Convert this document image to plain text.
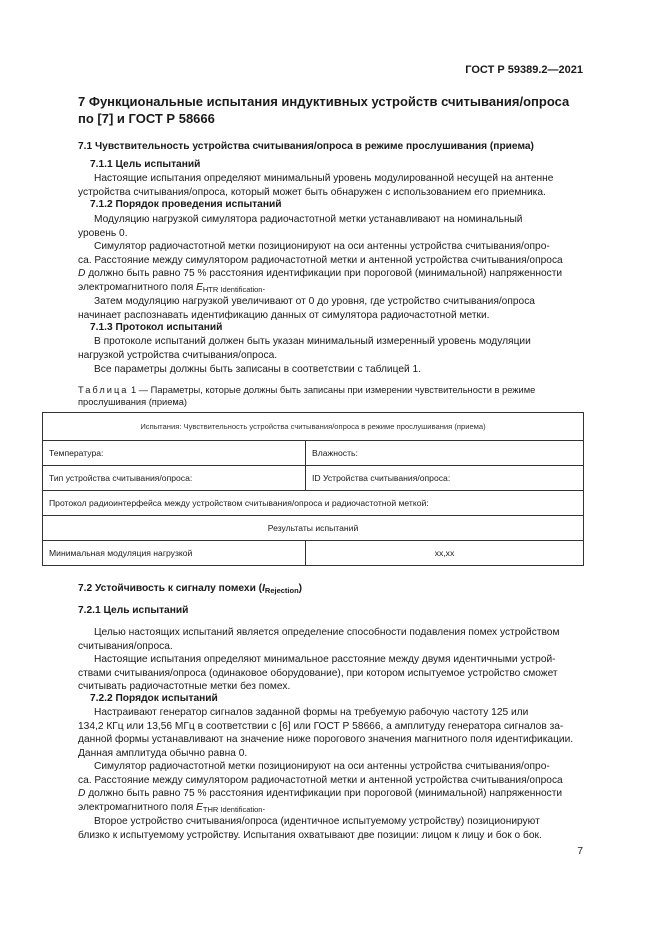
ГОСТ Р 59389.2—2021
7 Функциональные испытания индуктивных устройств считывания/опроса
по [7] и ГОСТ Р 58666
7.1 Чувствительность устройства считывания/опроса в режиме прослушивания (приема)
7.1.1 Цель испытаний
Настоящие испытания определяют минимальный уровень модулированной несущей на антенне
устройства считывания/опроса, который может быть обнаружен с использованием его приемника.
7.1.2 Порядок проведения испытаний
Модуляцию нагрузкой симулятора радиочастотной метки устанавливают на номинальный
уровень 0.
Симулятор радиочастотной метки позиционируют на оси антенны устройства считывания/опро-
са. Расстояние между симулятором радиочастотной метки и антенной устройства считывания/опроса
D должно быть равно 75 % расстояния идентификации при пороговой (минимальной) напряженности
электромагнитного поля EHTR Identification.
Затем модуляцию нагрузкой увеличивают от 0 до уровня, где устройство считывания/опроса
начинает распознавать идентификацию данных от симулятора радиочастотной метки.
7.1.3 Протокол испытаний
В протоколе испытаний должен быть указан минимальный измеренный уровень модуляции
нагрузкой устройства считывания/опроса.
Все параметры должны быть записаны в соответствии с таблицей 1.
Таблица 1 — Параметры, которые должны быть записаны при измерении чувствительности в режиме
прослушивания (приема)
Испытания: Чувствительность устройства считывания/опроса в режиме прослушивания (приема)	
Температура:	Влажность:
Тип устройства считывания/опроса:	ID Устройства считывания/опроса:
Протокол радиоинтерфейса между устройством считывания/опроса и радиочастотной меткой:	
Результаты испытаний	
Минимальная модуляция нагрузкой	xx,xx
7.2 Устойчивость к сигналу помехи (IRejection)
7.2.1 Цель испытаний
Целью настоящих испытаний является определение способности подавления помех устройством
считывания/опроса.
Настоящие испытания определяют минимальное расстояние между двумя идентичными устрой-
ствами считывания/опроса (одинаковое оборудование), при котором испытуемое устройство сможет
считывать радиочастотные метки без помех.
7.2.2 Порядок испытаний
Настраивают генератор сигналов заданной формы на требуемую рабочую частоту 125 или
134,2 КГц или 13,56 МГц в соответствии с [6] или ГОСТ Р 58666, а амплитуду генератора сигналов за-
данной формы устанавливают на значение ниже порогового значения магнитного поля идентификации.
Данная амплитуда обычно равна 0.
Симулятор радиочастотной метки позиционируют на оси антенны устройства считывания/опро-
са. Расстояние между симулятором радиочастотной метки и антенной устройства считывания/опроса
D должно быть равно 75 % расстояния идентификации при пороговой (минимальной) напряженности
электромагнитного поля ETHR Identification.
Второе устройство считывания/опроса (идентичное испытуемому устройству) позиционируют
близко к испытуемому устройству. Испытания охватывают две позиции: лицом к лицу и бок о бок.
7
